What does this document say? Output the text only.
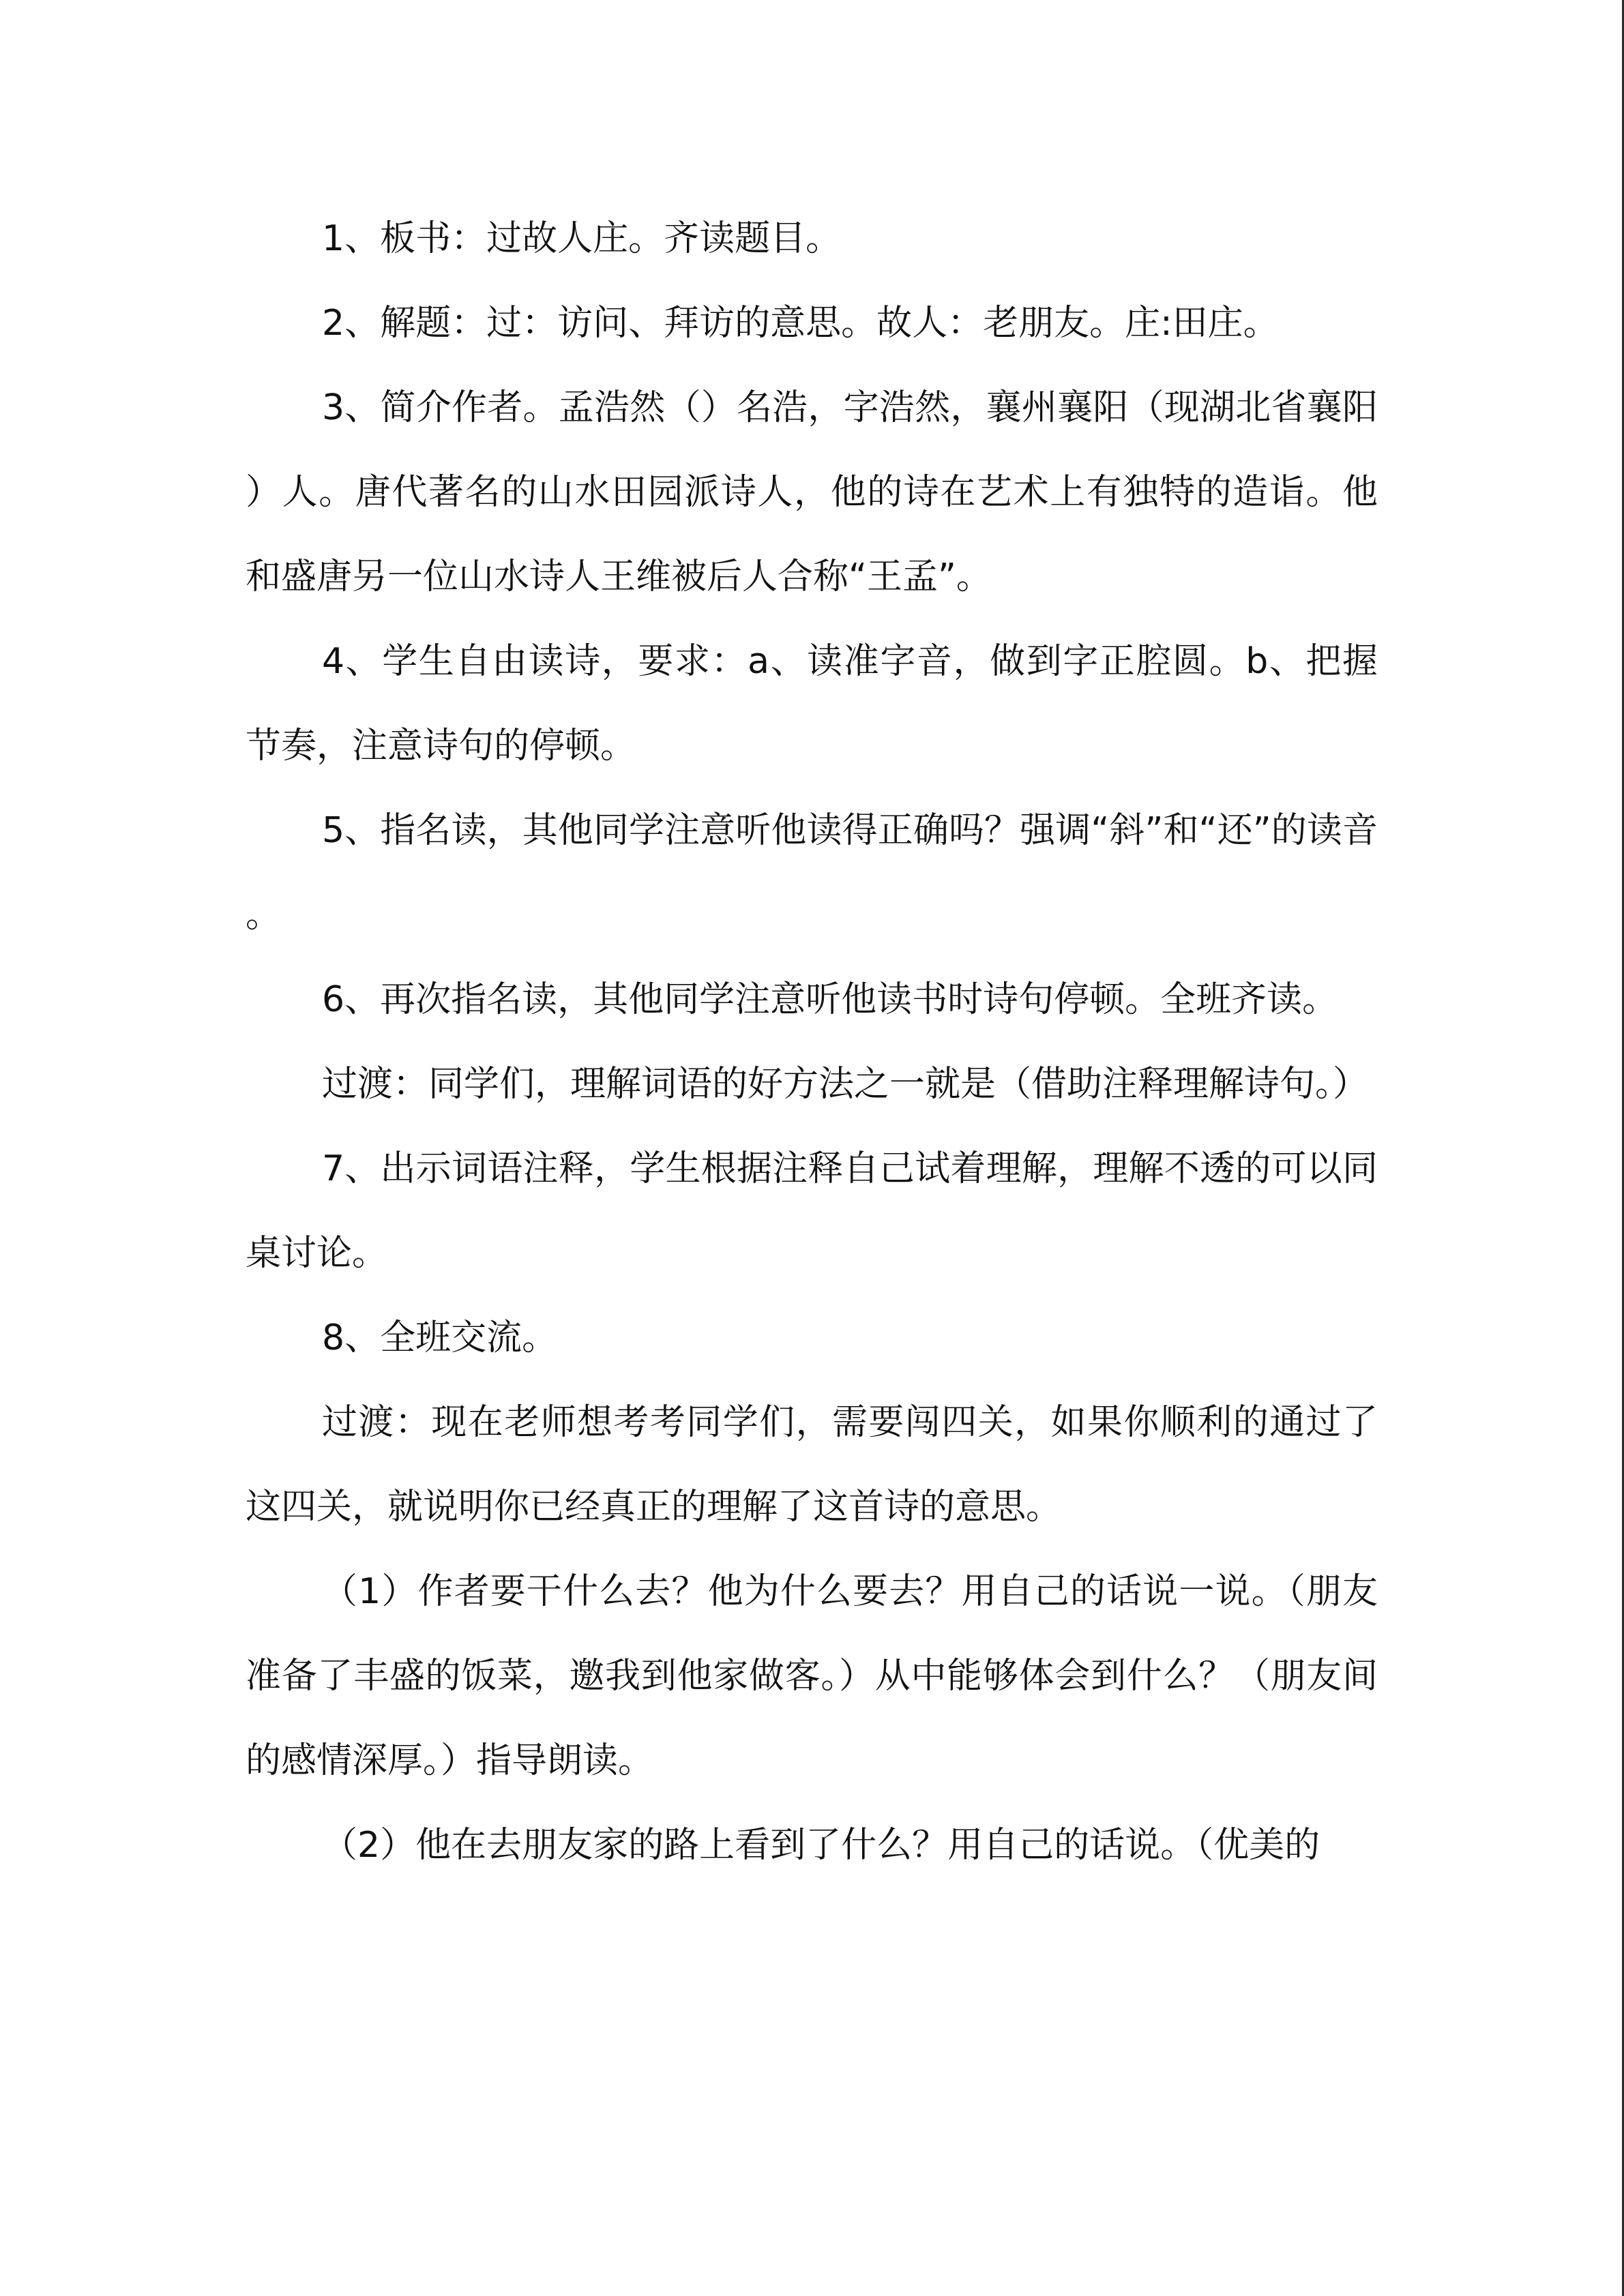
1、板书：过故人庄。齐读题目。

2、解题：过：访问、拜访的意思。故人：老朋友。庄:田庄。

3、简介作者。孟浩然（）名浩，字浩然，襄州襄阳（现湖北省襄阳）人。唐代著名的山水田园派诗人，他的诗在艺术上有独特的造诣。他和盛唐另一位山水诗人王维被后人合称“王孟”。

4、学生自由读诗，要求：a、读准字音，做到字正腔圆。b、把握节奏，注意诗句的停顿。

5、指名读，其他同学注意听他读得正确吗？强调“斜”和“还”的读音。

6、再次指名读，其他同学注意听他读书时诗句停顿。全班齐读。

过渡：同学们，理解词语的好方法之一就是（借助注释理解诗句。）

7、出示词语注释，学生根据注释自己试着理解，理解不透的可以同桌讨论。

8、全班交流。

过渡：现在老师想考考同学们，需要闯四关，如果你顺利的通过了这四关，就说明你已经真正的理解了这首诗的意思。

（1）作者要干什么去？他为什么要去？用自己的话说一说。（朋友准备了丰盛的饭菜，邀我到他家做客。）从中能够体会到什么？（朋友间的感情深厚。）指导朗读。

（2）他在去朋友家的路上看到了什么？用自己的话说。（优美的
